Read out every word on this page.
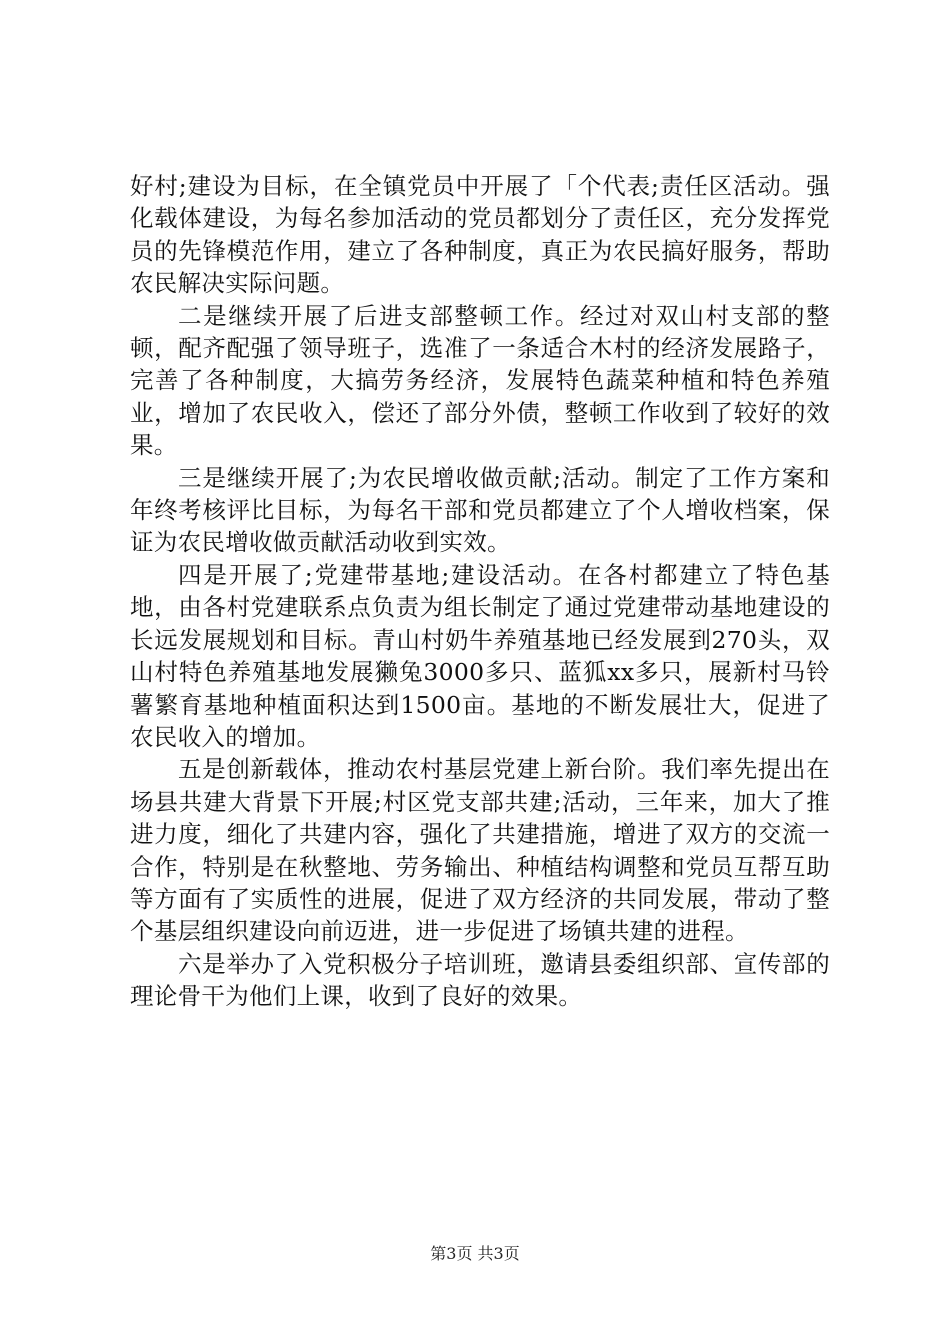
好村;建设为目标，在全镇党员中开展了「个代表;责任区活动。强化载体建设，为每名参加活动的党员都划分了责任区，充分发挥党员的先锋模范作用，建立了各种制度，真正为农民搞好服务，帮助农民解决实际问题。

二是继续开展了后进支部整顿工作。经过对双山村支部的整顿，配齐配强了领导班子，选准了一条适合木村的经济发展路子，完善了各种制度，大搞劳务经济，发展特色蔬菜种植和特色养殖业，增加了农民收入，偿还了部分外债，整顿工作收到了较好的效果。

三是继续开展了;为农民增收做贡献;活动。制定了工作方案和年终考核评比目标，为每名干部和党员都建立了个人增收档案，保证为农民增收做贡献活动收到实效。

四是开展了;党建带基地;建设活动。在各村都建立了特色基地，由各村党建联系点负责为组长制定了通过党建带动基地建设的长远发展规划和目标。青山村奶牛养殖基地已经发展到270头，双山村特色养殖基地发展獭兔3000多只、蓝狐xx多只，展新村马铃薯繁育基地种植面积达到1500亩。基地的不断发展壮大，促进了农民收入的增加。

五是创新载体，推动农村基层党建上新台阶。我们率先提出在场县共建大背景下开展;村区党支部共建;活动，三年来，加大了推进力度，细化了共建内容，强化了共建措施，增进了双方的交流一合作，特别是在秋整地、劳务输出、种植结构调整和党员互帮互助等方面有了实质性的进展，促进了双方经济的共同发展，带动了整个基层组织建设向前迈进，进一步促进了场镇共建的进程。

六是举办了入党积极分子培训班，邀请县委组织部、宣传部的理论骨干为他们上课，收到了良好的效果。

第3页 共3页
